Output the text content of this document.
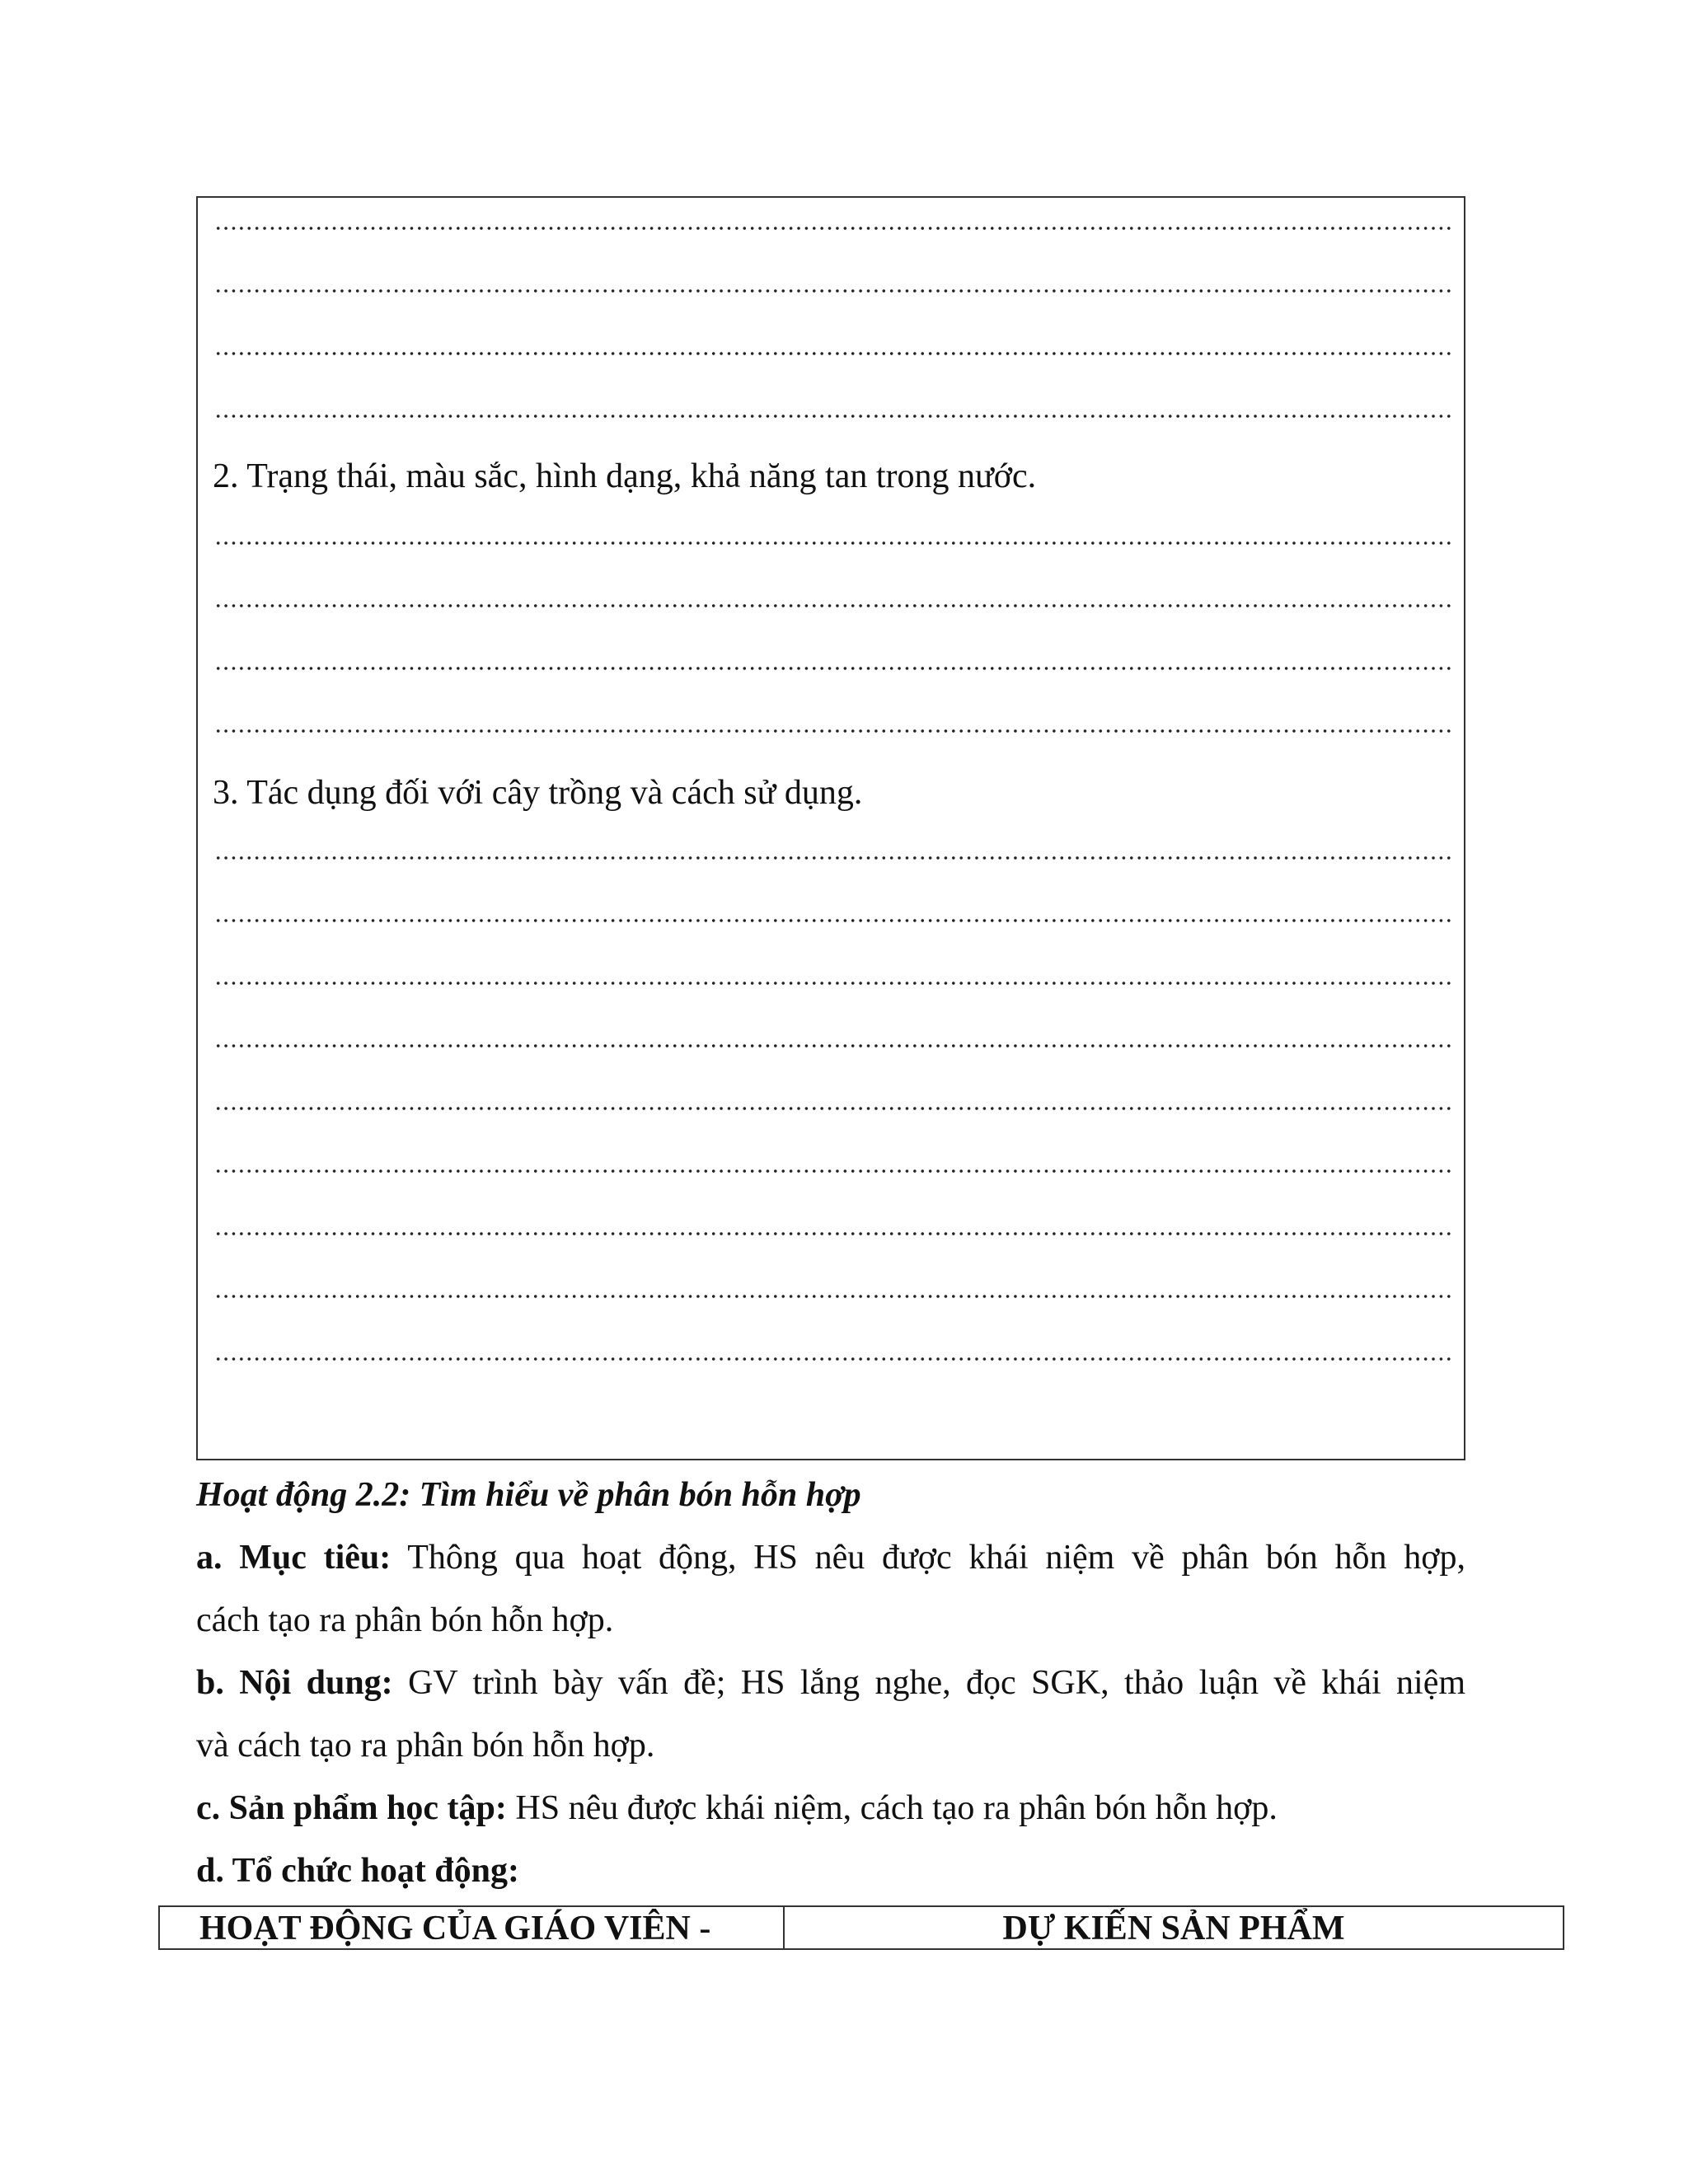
2. Trạng thái, màu sắc, hình dạng, khả năng tan trong nước.
3. Tác dụng đối với cây trồng và cách sử dụng.
Hoạt động 2.2: Tìm hiểu về phân bón hỗn hợp
a. Mục tiêu: Thông qua hoạt động, HS nêu được khái niệm về phân bón hỗn hợp,
cách tạo ra phân bón hỗn hợp.
b. Nội dung: GV trình bày vấn đề; HS lắng nghe, đọc SGK, thảo luận về khái niệm
và cách tạo ra phân bón hỗn hợp.
c. Sản phẩm học tập: HS nêu được khái niệm, cách tạo ra phân bón hỗn hợp.
d. Tổ chức hoạt động:
HOẠT ĐỘNG CỦA GIÁO VIÊN -	DỰ KIẾN SẢN PHẨM
